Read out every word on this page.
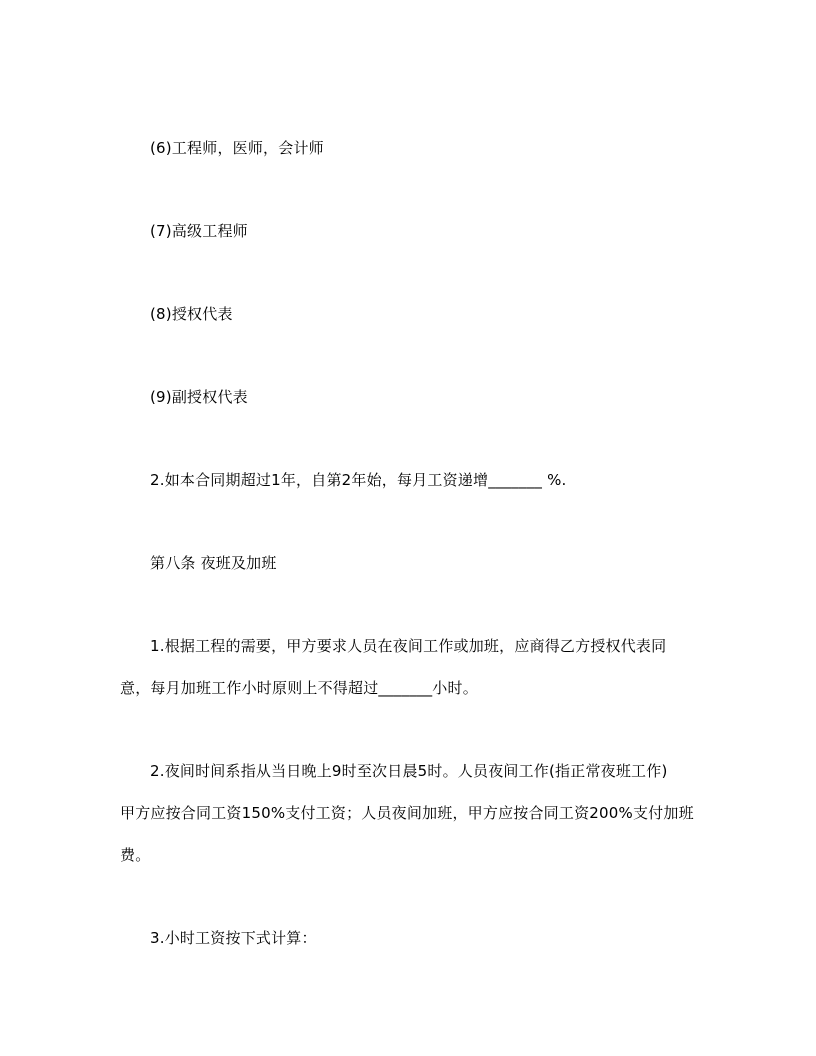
(6)工程师，医师，会计师
(7)高级工程师
(8)授权代表
(9)副授权代表
2.如本合同期超过1年，自第2年始，每月工资递增_______ %.
第八条 夜班及加班
1.根据工程的需要，甲方要求人员在夜间工作或加班，应商得乙方授权代表同
意，每月加班工作小时原则上不得超过_______小时。
2.夜间时间系指从当日晚上9时至次日晨5时。人员夜间工作(指正常夜班工作)
甲方应按合同工资150%支付工资；人员夜间加班，甲方应按合同工资200%支付加班
费。
3.小时工资按下式计算：
